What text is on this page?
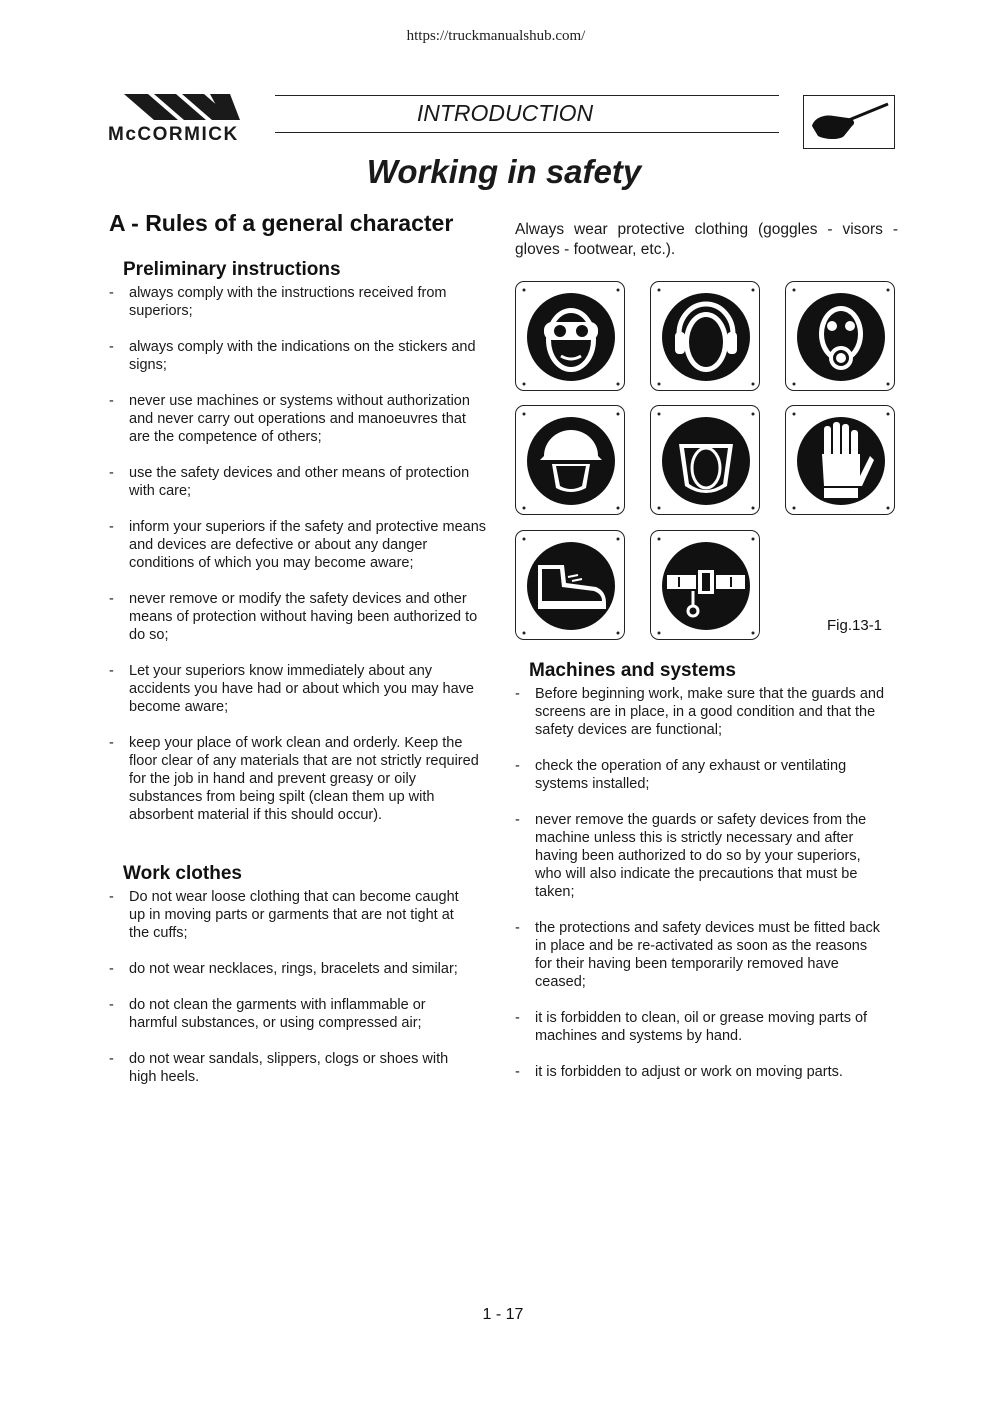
https://truckmanualshub.com/
McCORMICK
INTRODUCTION
Working in safety
A - Rules of a general character
Preliminary instructions
- always comply with the instructions received from superiors;
- always comply with the indications on the stickers and signs;
- never use machines or systems without authorization and never carry out operations and manoeuvres that are the competence of others;
- use the safety devices and other means of protection with care;
- inform your superiors if the safety and protective means and devices are defective or about any danger conditions of which you may become aware;
- never remove or modify the safety devices and other means of protection without having been authorized to do so;
- Let your superiors know immediately about any accidents you have had or about which you may have become aware;
- keep your place of work clean and orderly. Keep the floor clear of any materials that are not strictly required for the job in hand and prevent greasy or oily substances from being spilt (clean them up with absorbent material if this should occur).
Work clothes
- Do not wear loose clothing that can become caught up in moving parts or garments that are not tight at the cuffs;
- do not wear necklaces, rings, bracelets and similar;
- do not clean the garments with inflammable or harmful substances, or using compressed air;
- do not wear sandals, slippers, clogs or shoes with high heels.
Always wear protective clothing (goggles - visors - gloves - footwear, etc.).
Fig.13-1
Machines and systems
- Before beginning work, make sure that the guards and screens are in place, in a good condition and that the safety devices are functional;
- check the operation of any exhaust or ventilating systems installed;
- never remove the guards or safety devices from the machine unless this is strictly necessary and after having been authorized to do so by your superiors, who will also indicate the precautions that must be taken;
- the protections and safety devices must be fitted back in place and be re-activated as soon as the reasons for their having been temporarily removed have ceased;
- it is forbidden to clean, oil or grease moving parts of machines and systems by hand.
- it is forbidden to adjust or work on moving parts.
1 - 17
